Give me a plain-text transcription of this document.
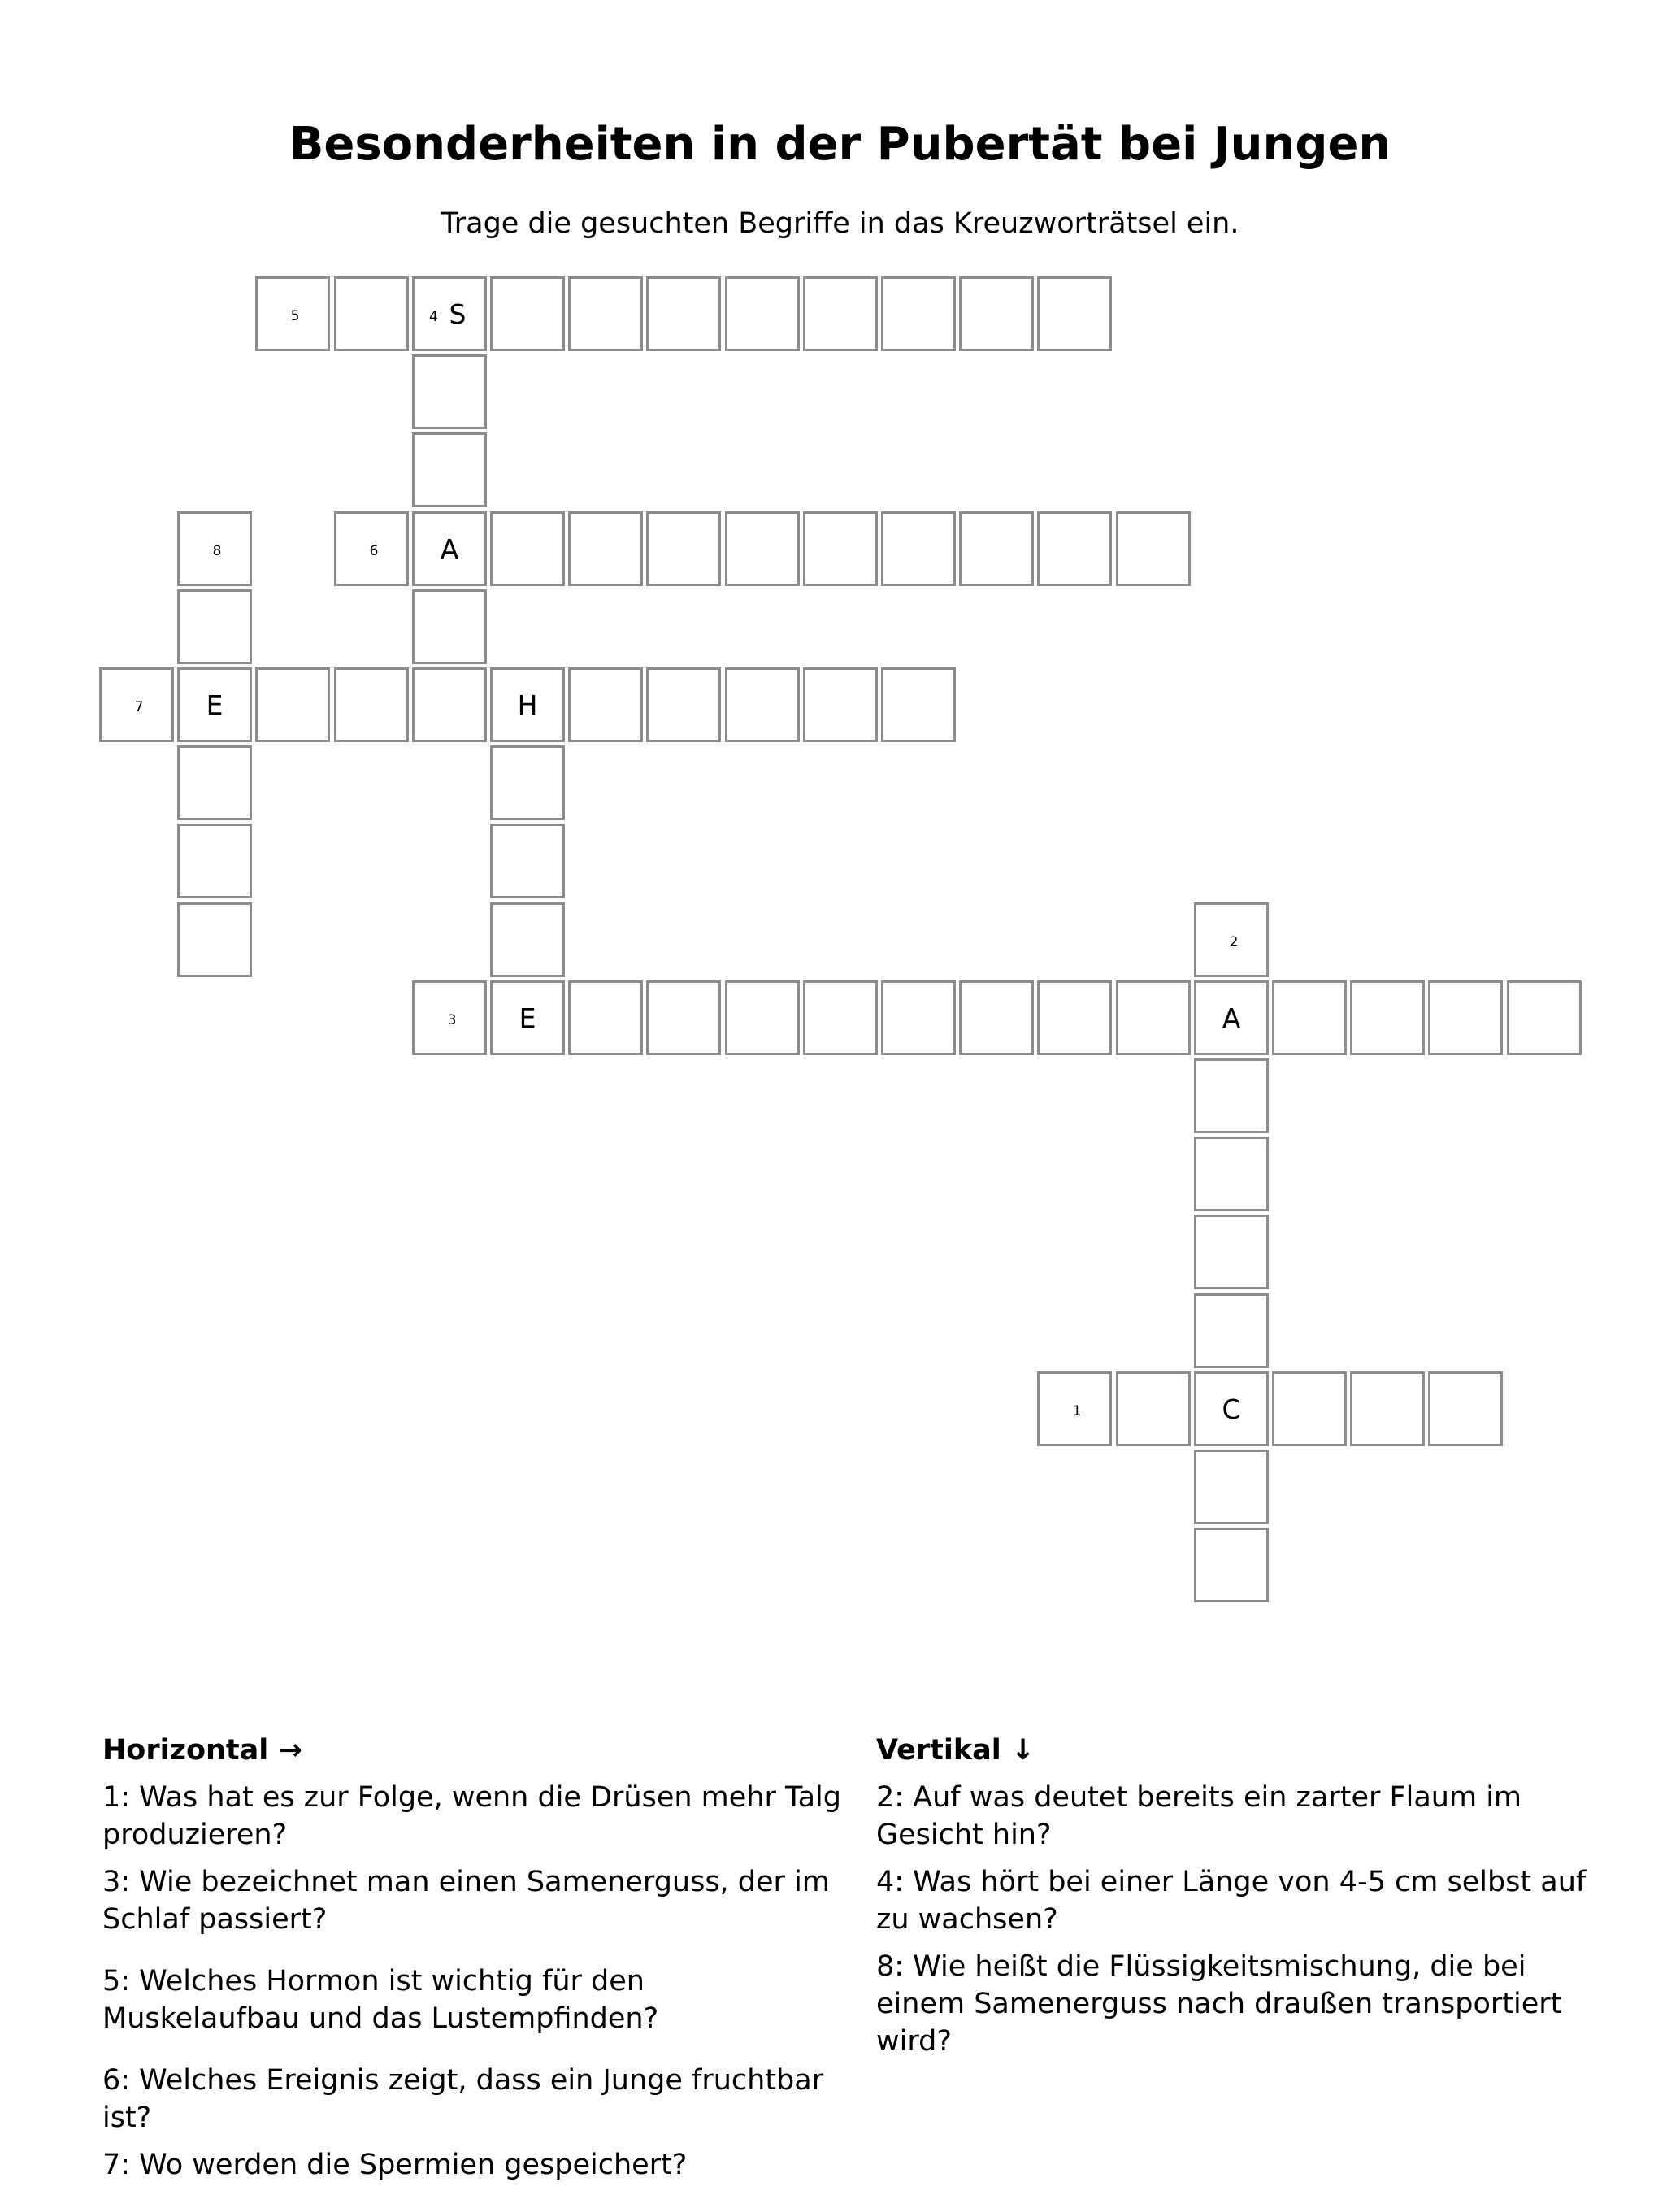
Besonderheiten in der Pubertät bei Jungen
Trage die gesuchten Begriffe in das Kreuzworträtsel ein.
5	4 S
8	6	A
7	E	H
2
3	E	A
1	C
Horizontal →

1: Was hat es zur Folge, wenn die Drüsen mehr Talg produzieren?

3: Wie bezeichnet man einen Samenerguss, der im Schlaf passiert?

5: Welches Hormon ist wichtig für den Muskelaufbau und das Lustempfinden?

6: Welches Ereignis zeigt, dass ein Junge fruchtbar ist?

7: Wo werden die Spermien gespeichert?

Vertikal ↓

2: Auf was deutet bereits ein zarter Flaum im Gesicht hin?

4: Was hört bei einer Länge von 4-5 cm selbst auf zu wachsen?

8: Wie heißt die Flüssigkeitsmischung, die bei einem Samenerguss nach draußen transportiert wird?
